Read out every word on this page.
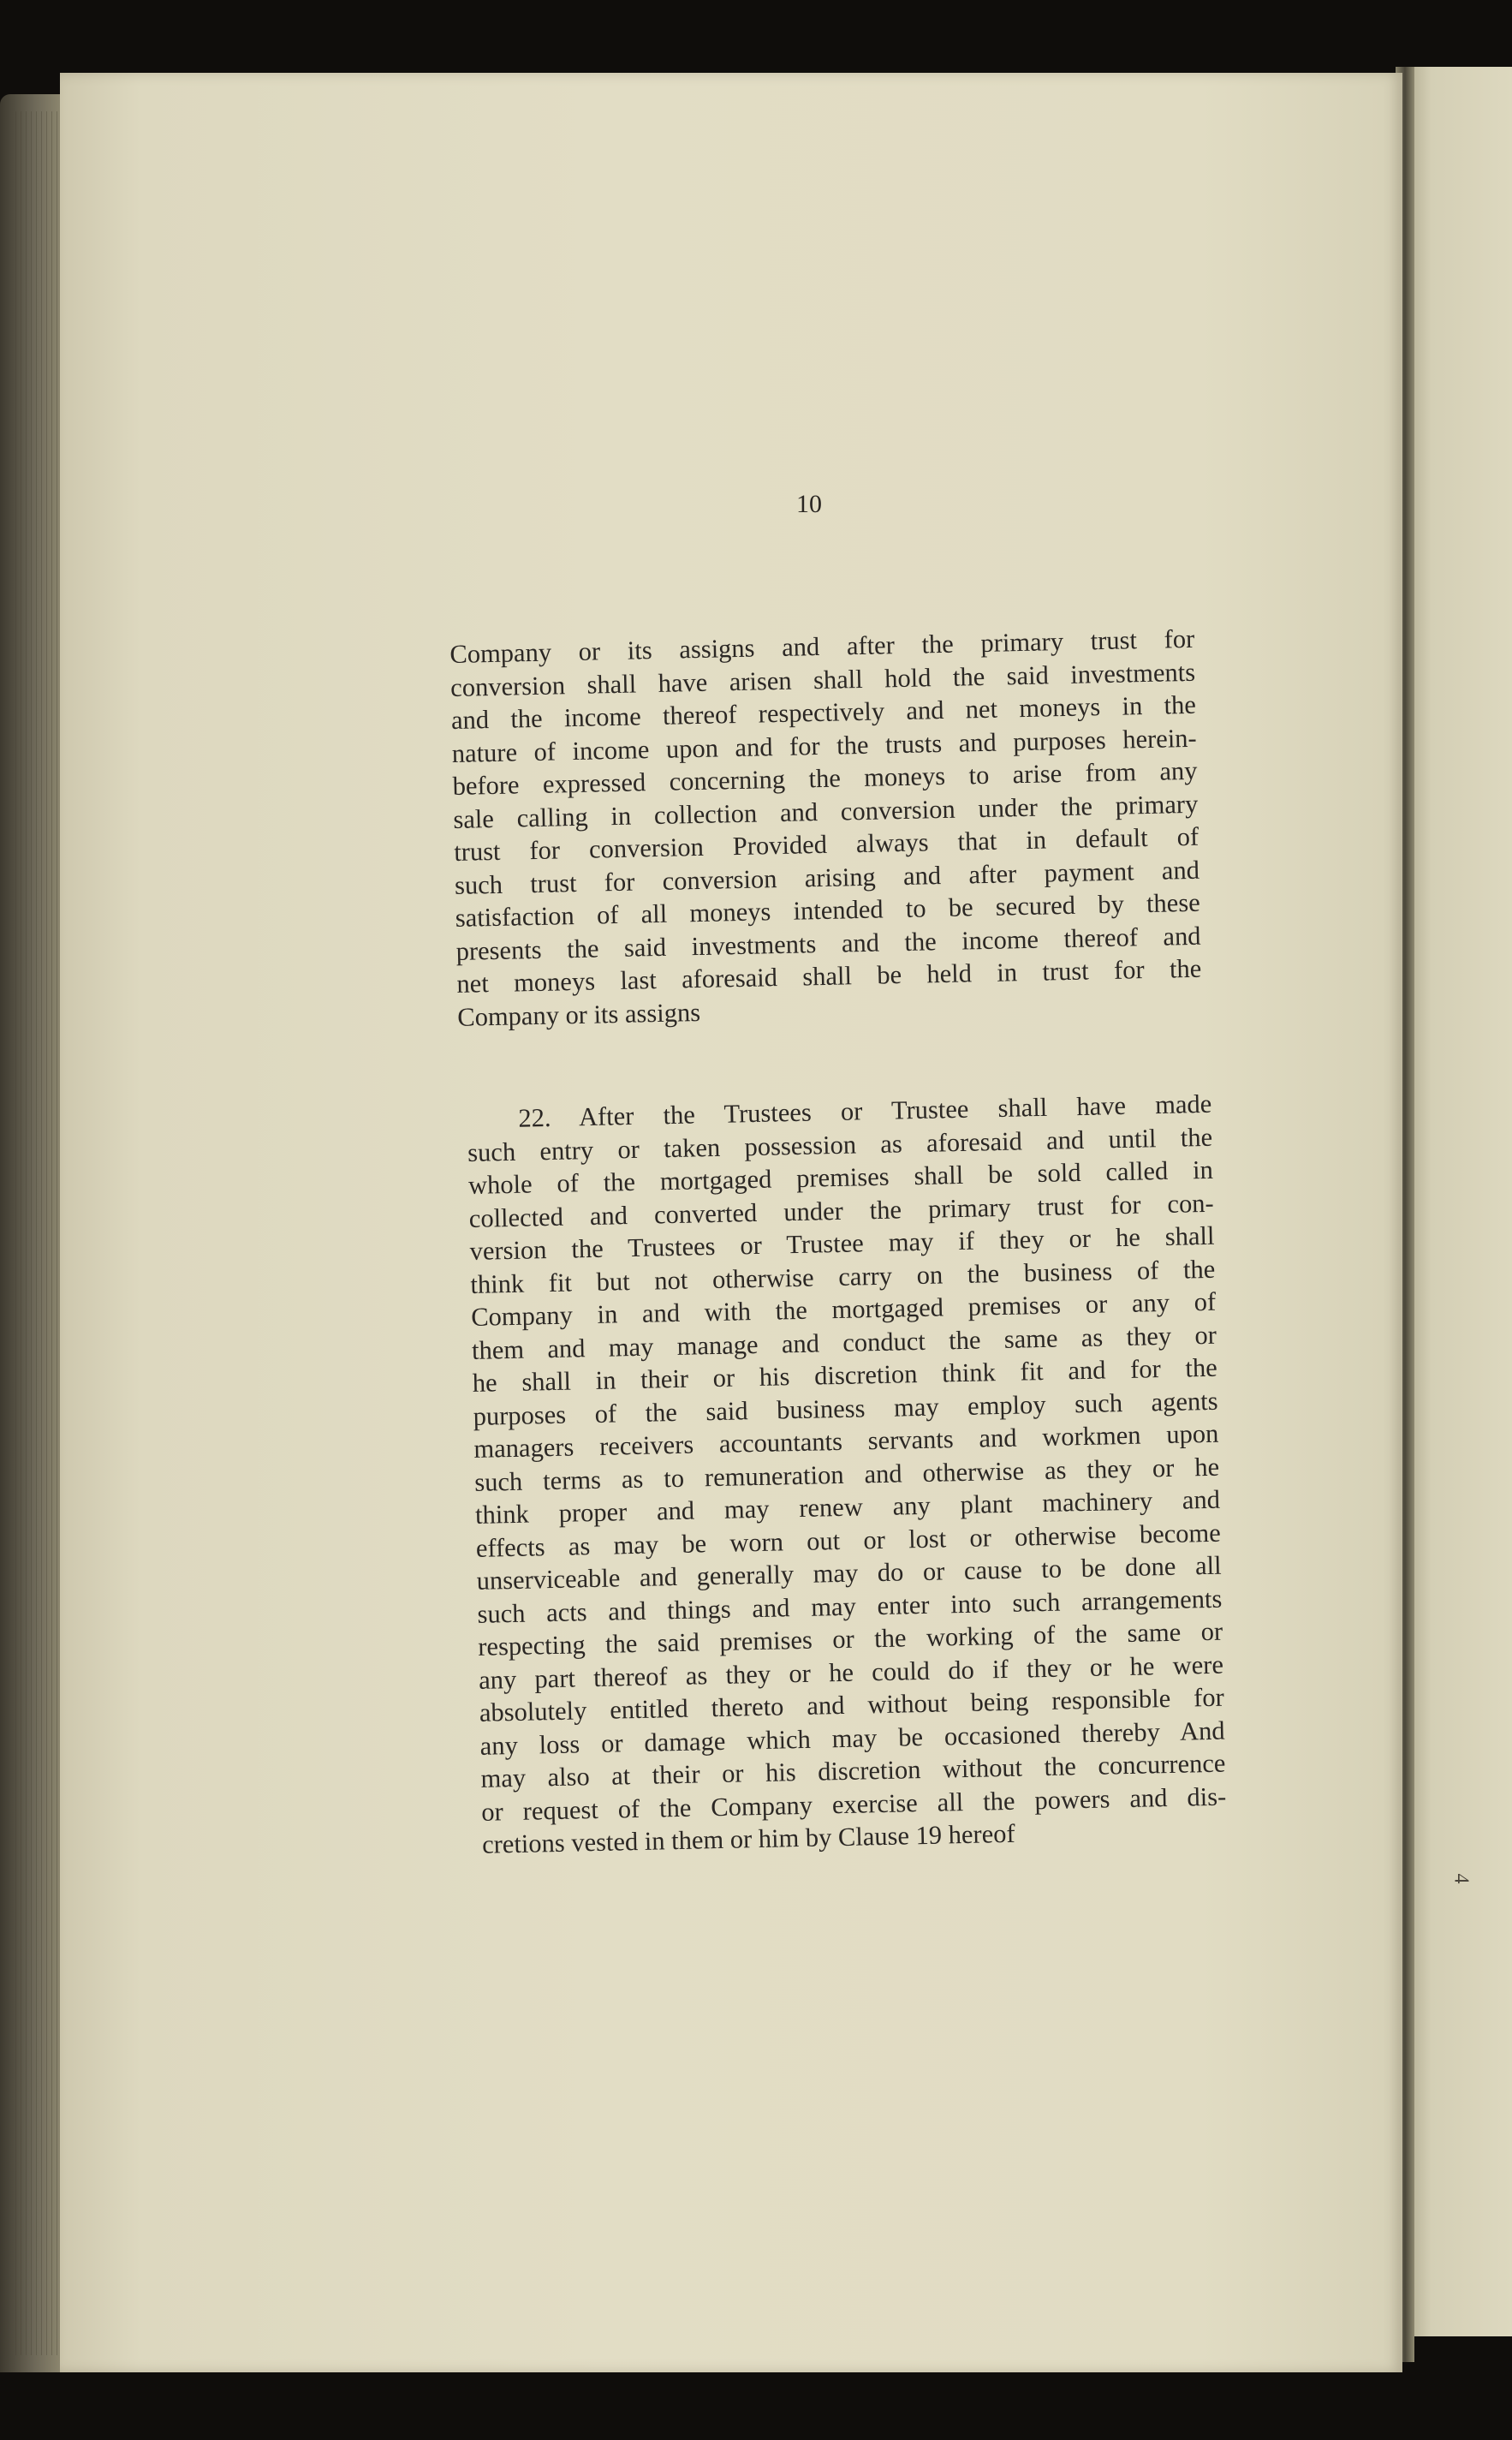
10

Company or its assigns and after the primary trust for
conversion shall have arisen shall hold the said investments
and the income thereof respectively and net moneys in the
nature of income upon and for the trusts and purposes herein-
before expressed concerning the moneys to arise from any
sale calling in collection and conversion under the primary
trust for conversion Provided always that in default of
such trust for conversion arising and after payment and
satisfaction of all moneys intended to be secured by these
presents the said investments and the income thereof and
net moneys last aforesaid shall be held in trust for the
Company or its assigns
22. After the Trustees or Trustee shall have made
such entry or taken possession as aforesaid and until the
whole of the mortgaged premises shall be sold called in
collected and converted under the primary trust for con-
version the Trustees or Trustee may if they or he shall
think fit but not otherwise carry on the business of the
Company in and with the mortgaged premises or any of
them and may manage and conduct the same as they or
he shall in their or his discretion think fit and for the
purposes of the said business may employ such agents
managers receivers accountants servants and workmen upon
such terms as to remuneration and otherwise as they or he
think proper and may renew any plant machinery and
effects as may be worn out or lost or otherwise become
unserviceable and generally may do or cause to be done all
such acts and things and may enter into such arrangements
respecting the said premises or the working of the same or
any part thereof as they or he could do if they or he were
absolutely entitled thereto and without being responsible for
any loss or damage which may be occasioned thereby And
may also at their or his discretion without the concurrence
or request of the Company exercise all the powers and dis-
cretions vested in them or him by Clause 19 hereof

4
